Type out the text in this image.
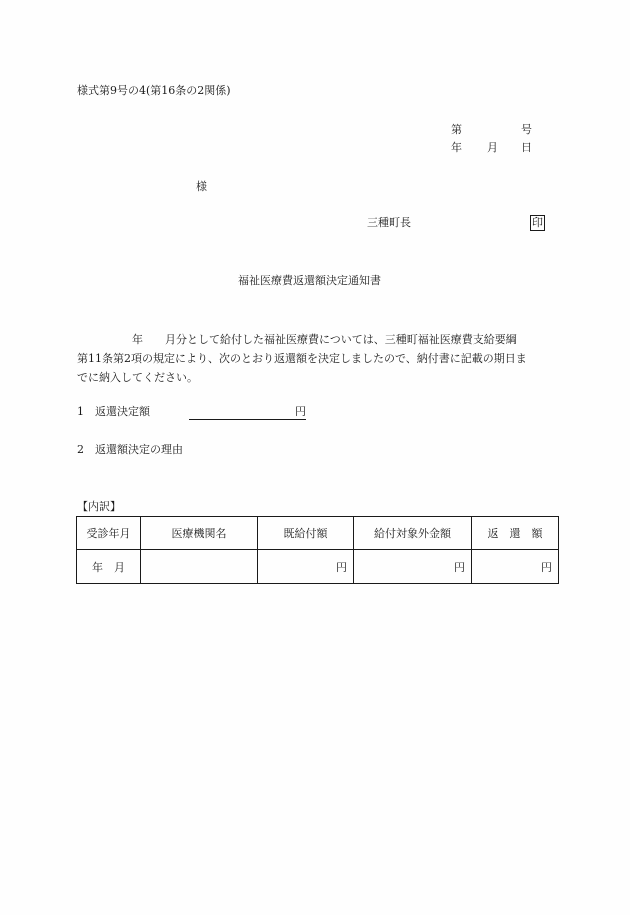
様式第9号の4(第16条の2関係)
第	号
年 月 日
様
三種町長	印
福祉医療費返還額決定通知書
　　　　　年　　月分として給付した福祉医療費については、三種町福祉医療費支給要綱
第11条第2項の規定により、次のとおり返還額を決定しましたので、納付書に記載の期日ま
でに納入してください。
1　返還決定額	円
2　返還額決定の理由
【内訳】
受診年月	医療機関名	既給付額	給付対象外金額	返　還　額
年　月		円	円	円
